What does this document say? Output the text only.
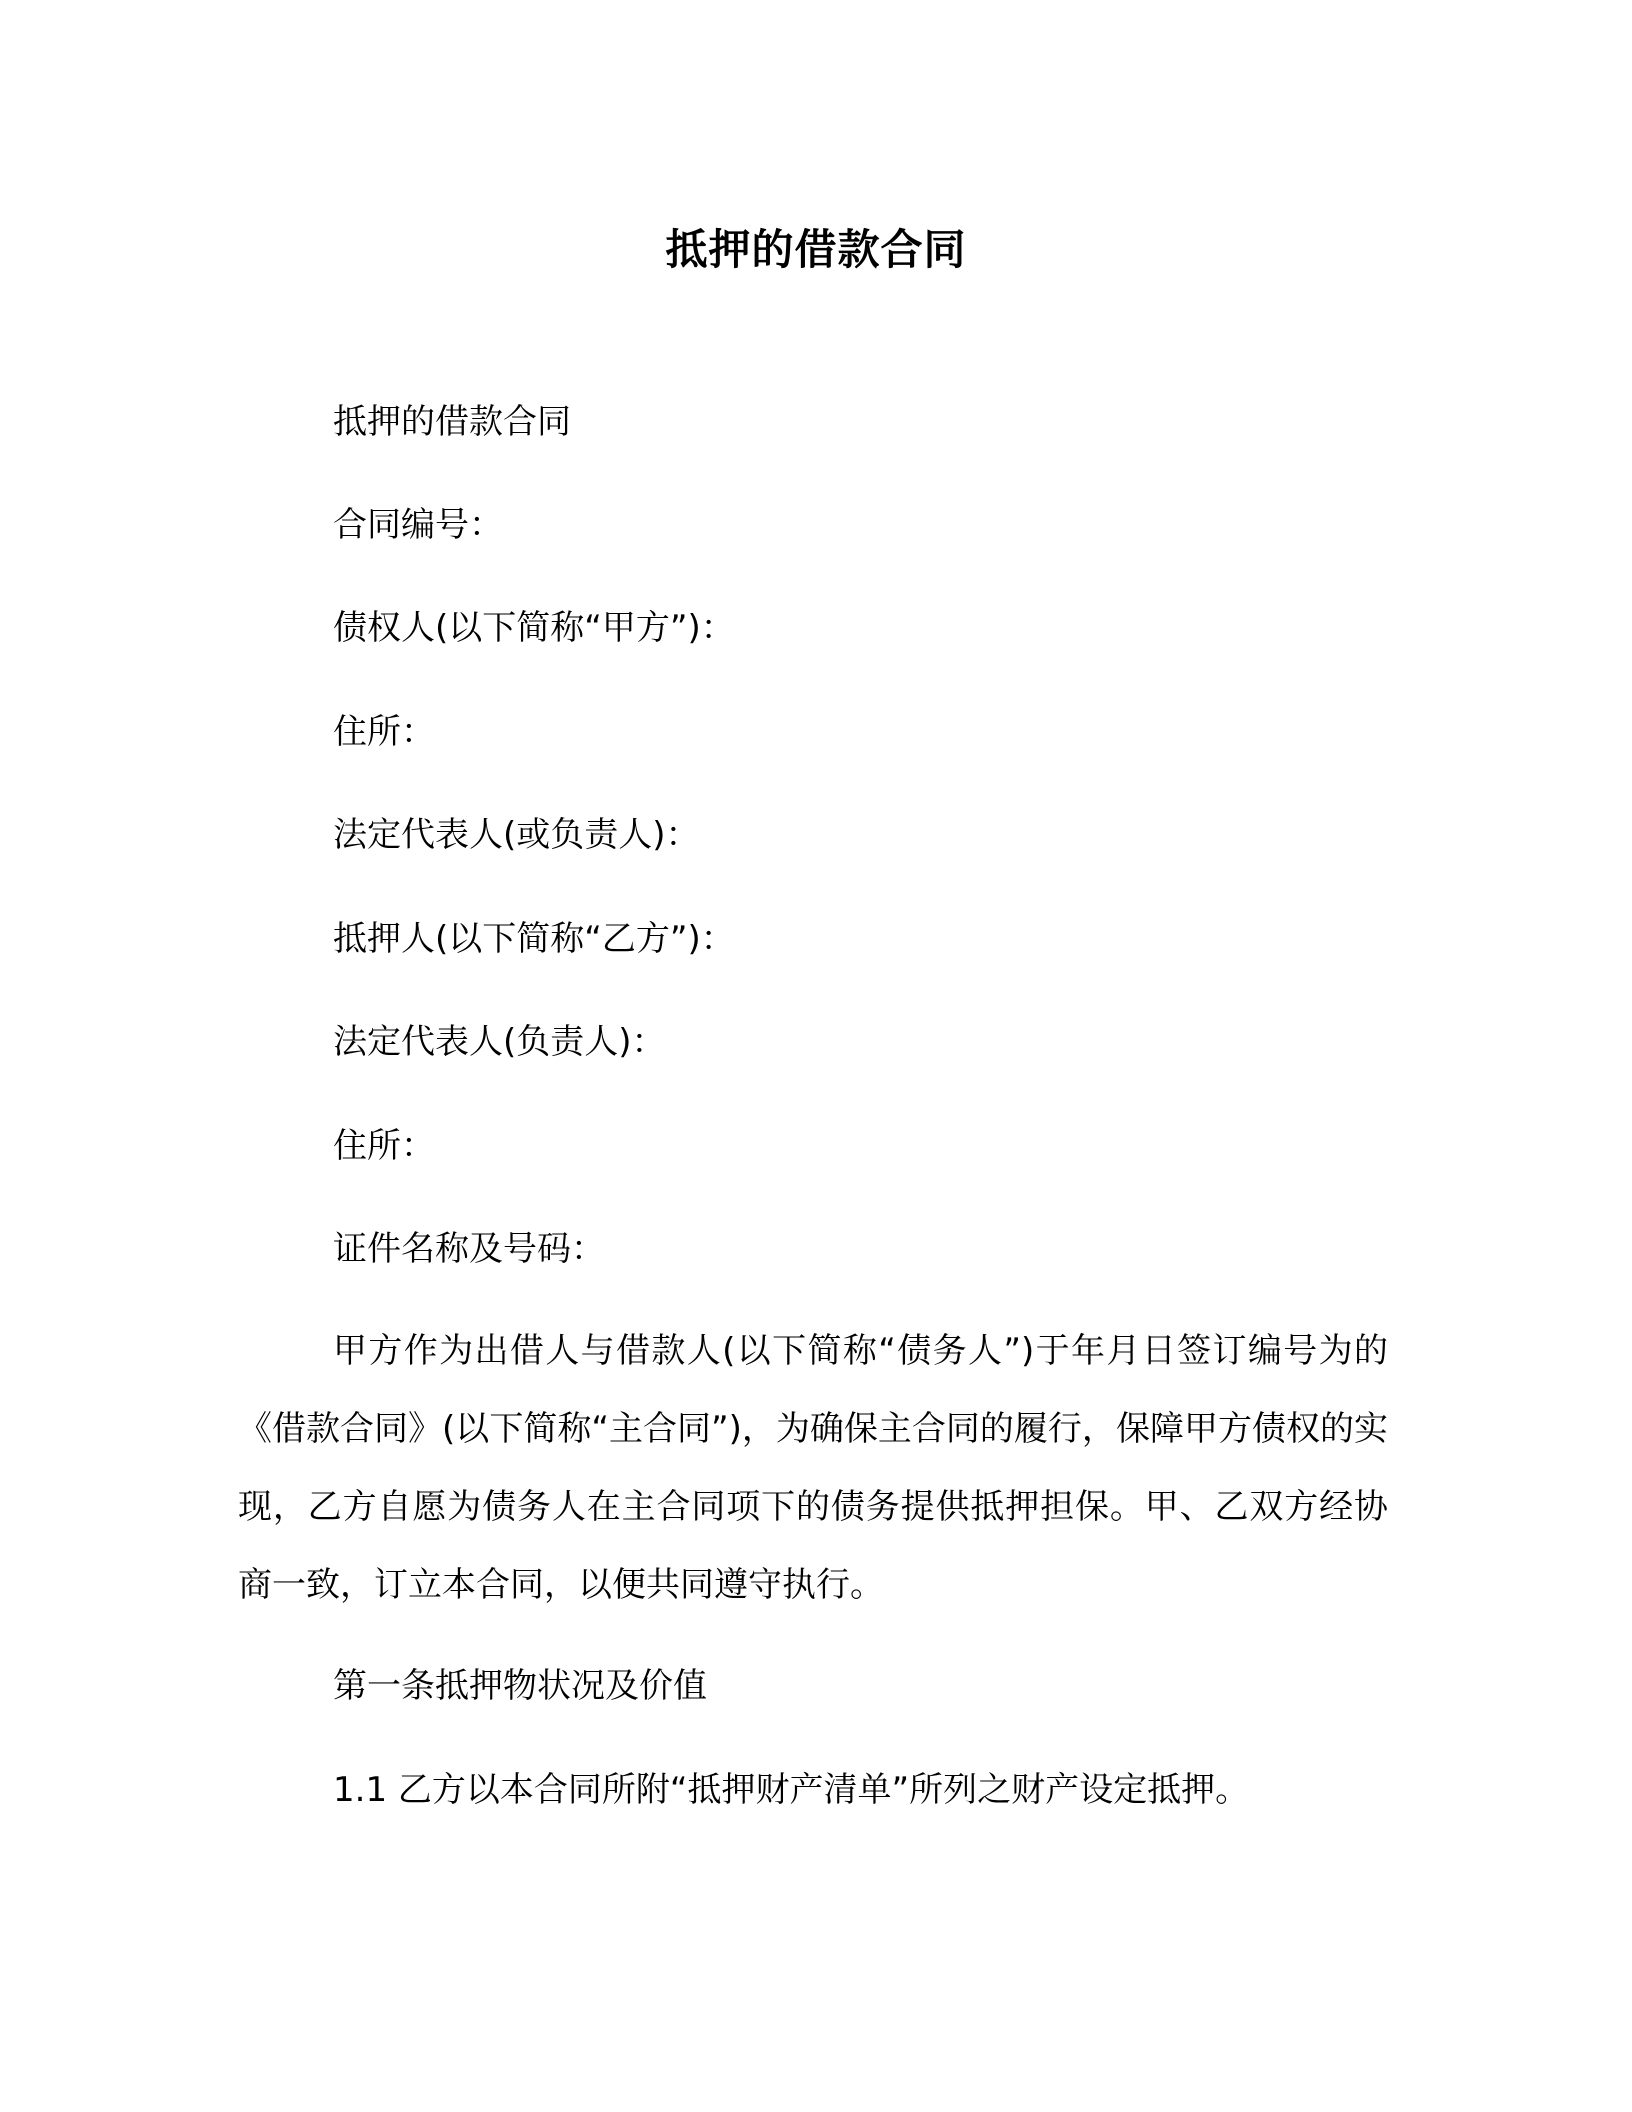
抵押的借款合同
抵押的借款合同
合同编号：
债权人(以下简称“甲方”)：
住所：
法定代表人(或负责人)：
抵押人(以下简称“乙方”)：
法定代表人(负责人)：
住所：
证件名称及号码：
甲方作为出借人与借款人(以下简称“债务人”)于年月日签订编号为的《借款合同》(以下简称“主合同”)，为确保主合同的履行，保障甲方债权的实现，乙方自愿为债务人在主合同项下的债务提供抵押担保。甲、乙双方经协商一致，订立本合同，以便共同遵守执行。
第一条抵押物状况及价值
1.1 乙方以本合同所附“抵押财产清单”所列之财产设定抵押。
